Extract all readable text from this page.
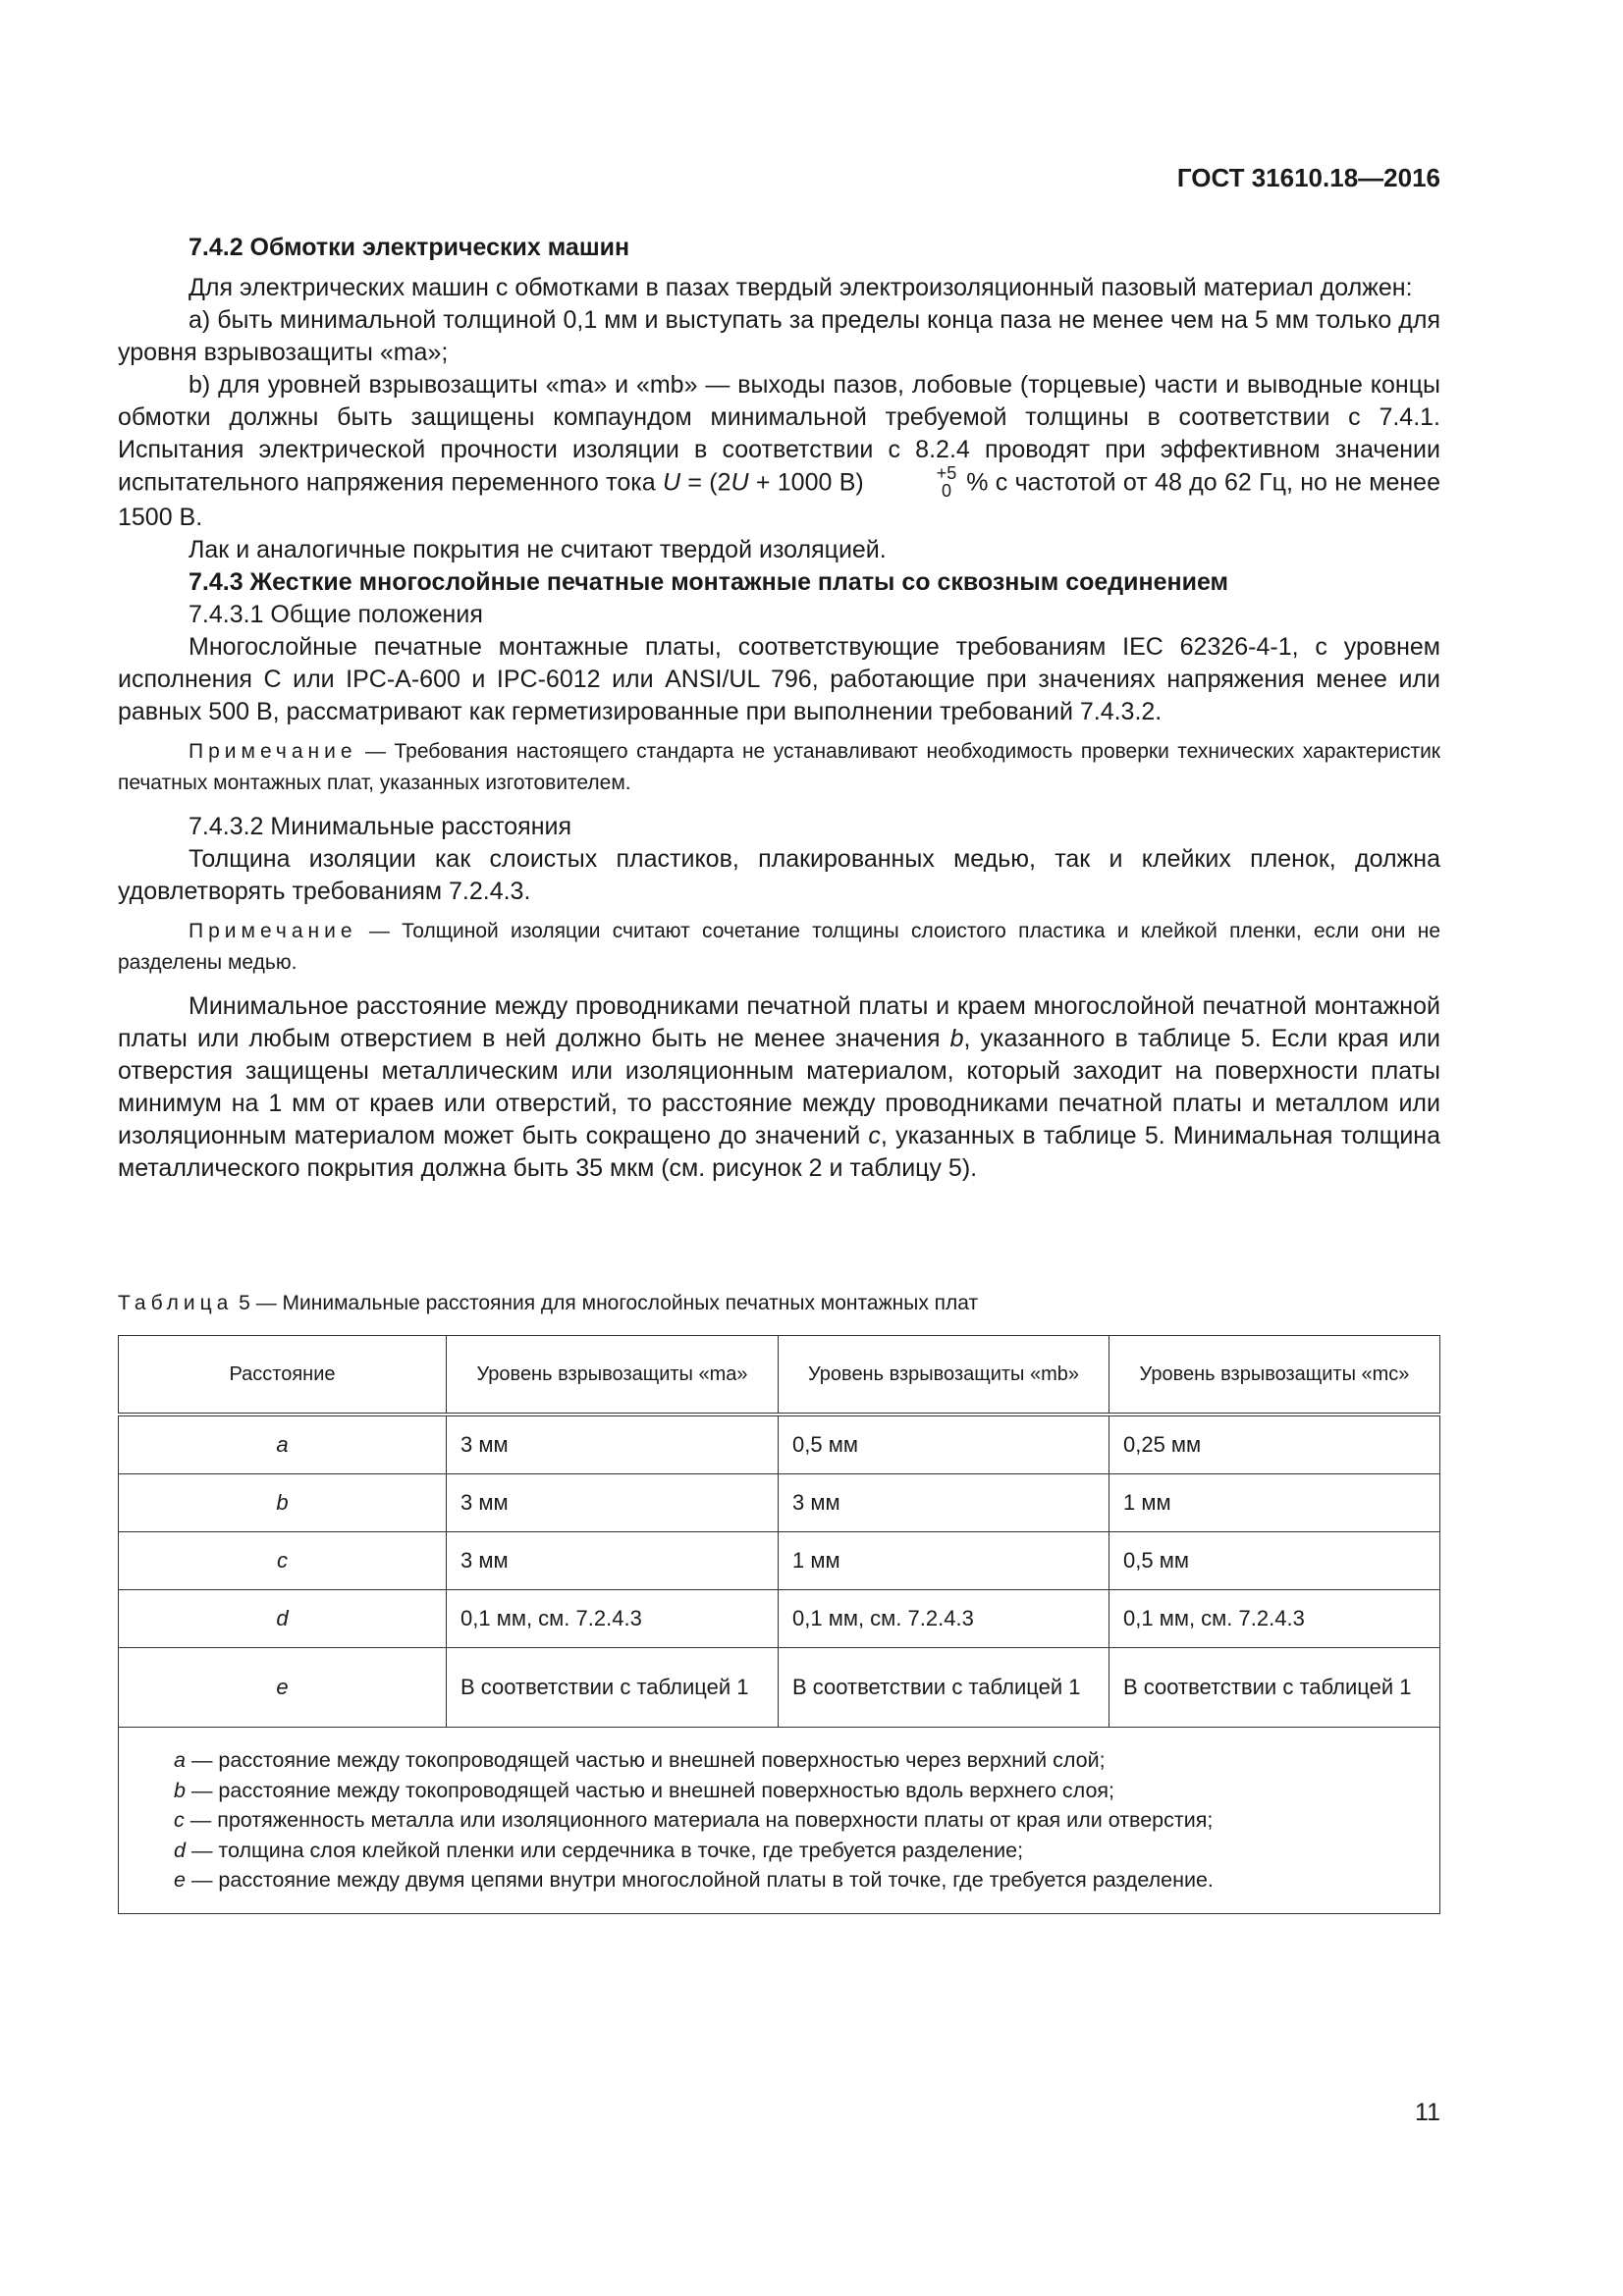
ГОСТ 31610.18—2016

7.4.2 Обмотки электрических машин

Для электрических машин с обмотками в пазах твердый электроизоляционный пазовый материал должен:

a) быть минимальной толщиной 0,1 мм и выступать за пределы конца паза не менее чем на 5 мм только для уровня взрывозащиты «ma»;

b) для уровней взрывозащиты «ma» и «mb» — выходы пазов, лобовые (торцевые) части и выводные концы обмотки должны быть защищены компаундом минимальной требуемой толщины в соответствии с 7.4.1. Испытания электрической прочности изоляции в соответствии с 8.2.4 проводят при эффективном значении испытательного напряжения переменного тока U = (2U + 1000 В)	+5
0 % с частотой от 48 до 62 Гц, но не менее 1500 В.

Лак и аналогичные покрытия не считают твердой изоляцией.

7.4.3 Жесткие многослойные печатные монтажные платы со сквозным соединением

7.4.3.1 Общие положения

Многослойные печатные монтажные платы, соответствующие требованиям IEC 62326-4-1, с уровнем исполнения C или IPC-A-600 и IPC-6012 или ANSI/UL 796, работающие при значениях напряжения менее или равных 500 В, рассматривают как герметизированные при выполнении требований 7.4.3.2.

Примечание — Требования настоящего стандарта не устанавливают необходимость проверки технических характеристик печатных монтажных плат, указанных изготовителем.

7.4.3.2 Минимальные расстояния

Толщина изоляции как слоистых пластиков, плакированных медью, так и клейких пленок, должна удовлетворять требованиям 7.2.4.3.

Примечание — Толщиной изоляции считают сочетание толщины слоистого пластика и клейкой пленки, если они не разделены медью.

Минимальное расстояние между проводниками печатной платы и краем многослойной печатной монтажной платы или любым отверстием в ней должно быть не менее значения b, указанного в таблице 5. Если края или отверстия защищены металлическим или изоляционным материалом, который заходит на поверхности платы минимум на 1 мм от краев или отверстий, то расстояние между проводниками печатной платы и металлом или изоляционным материалом может быть сокращено до значений c, указанных в таблице 5. Минимальная толщина металлического покрытия должна быть 35 мкм (см. рисунок 2 и таблицу 5).

Таблица 5 — Минимальные расстояния для многослойных печатных монтажных плат
Расстояние	Уровень взрывозащиты «ma»	Уровень взрывозащиты «mb»	Уровень взрывозащиты «mc»
a	3 мм	0,5 мм	0,25 мм
b	3 мм	3 мм	1 мм
c	3 мм	1 мм	0,5 мм
d	0,1 мм, см. 7.2.4.3	0,1 мм, см. 7.2.4.3	0,1 мм, см. 7.2.4.3
e	В соответствии с таблицей 1	В соответствии с таблицей 1	В соответствии с таблицей 1

a — расстояние между токопроводящей частью и внешней поверхностью через верхний слой;
b — расстояние между токопроводящей частью и внешней поверхностью вдоль верхнего слоя;
c — протяженность металла или изоляционного материала на поверхности платы от края или отверстия;
d — толщина слоя клейкой пленки или сердечника в точке, где требуется разделение;
e — расстояние между двумя цепями внутри многослойной платы в той точке, где требуется разделение.			
11
